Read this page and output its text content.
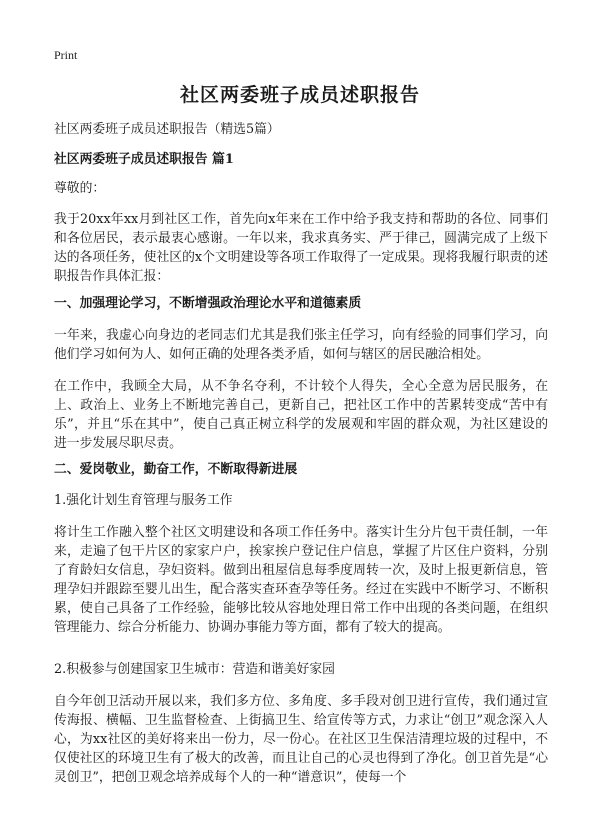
Print
社区两委班子成员述职报告
社区两委班子成员述职报告（精选5篇）
社区两委班子成员述职报告 篇1
尊敬的：
我于20xx年xx月到社区工作，首先向x年来在工作中给予我支持和帮助的各位、同事们和各位居民，表示最衷心感谢。一年以来，我求真务实、严于律己，圆满完成了上级下达的各项任务，使社区的x个文明建设等各项工作取得了一定成果。现将我履行职责的述职报告作具体汇报：
一、加强理论学习，不断增强政治理论水平和道德素质
一年来，我虚心向身边的老同志们尤其是我们张主任学习，向有经验的同事们学习，向他们学习如何为人、如何正确的处理各类矛盾，如何与辖区的居民融洽相处。
在工作中，我顾全大局，从不争名夺利，不计较个人得失，全心全意为居民服务，在上、政治上、业务上不断地完善自己，更新自己，把社区工作中的苦累转变成“苦中有乐”，并且“乐在其中”，使自己真正树立科学的发展观和牢固的群众观，为社区建设的 进一步发展尽职尽责。
二、爱岗敬业，勤奋工作，不断取得新进展
1.强化计划生育管理与服务工作
将计生工作融入整个社区文明建设和各项工作任务中。落实计生分片包干责任制，一年来，走遍了包干片区的家家户户，挨家挨户登记住户信息，掌握了片区住户资料，分别了育龄妇女信息，孕妇资料。做到出租屋信息每季度周转一次，及时上报更新信息，管理孕妇并跟踪至婴儿出生，配合落实查环查孕等任务。经过在实践中不断学习、不断积累，使自己具备了工作经验，能够比较从容地处理日常工作中出现的各类问题，在组织管理能力、综合分析能力、协调办事能力等方面，都有了较大的提高。
2.积极参与创建国家卫生城市：营造和谐美好家园
自今年创卫活动开展以来，我们多方位、多角度、多手段对创卫进行宣传，我们通过宣传海报、横幅、卫生监督检查、上街搞卫生、给宣传等方式，力求让“创卫”观念深入人心，为xx社区的美好将来出一份力，尽一份心。在社区卫生保洁清理垃圾的过程中，不仅使社区的环境卫生有了极大的改善，而且让自己的心灵也得到了净化。创卫首先是“心灵创卫”，把创卫观念培养成每个人的一种“谱意识”，使每一个
